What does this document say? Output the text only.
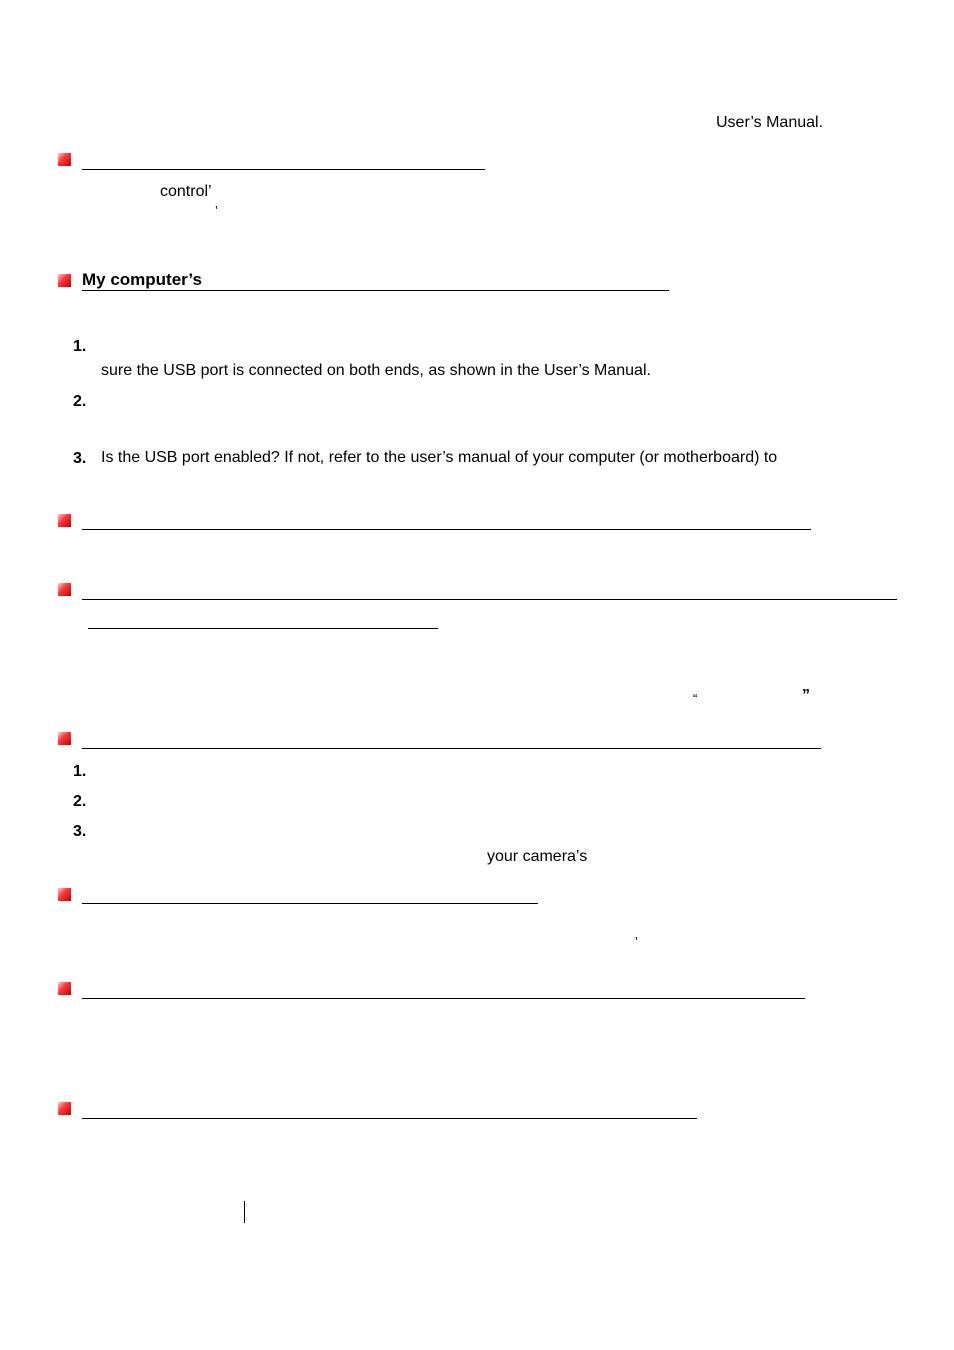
User’s Manual.
control’
’
My computer’s
1.
sure the USB port is connected on both ends, as shown in the User’s Manual.
2.
3. Is the USB port enabled? If not, refer to the user’s manual of your computer (or motherboard) to
“	”
1.
2.
3.
your camera’s
’
